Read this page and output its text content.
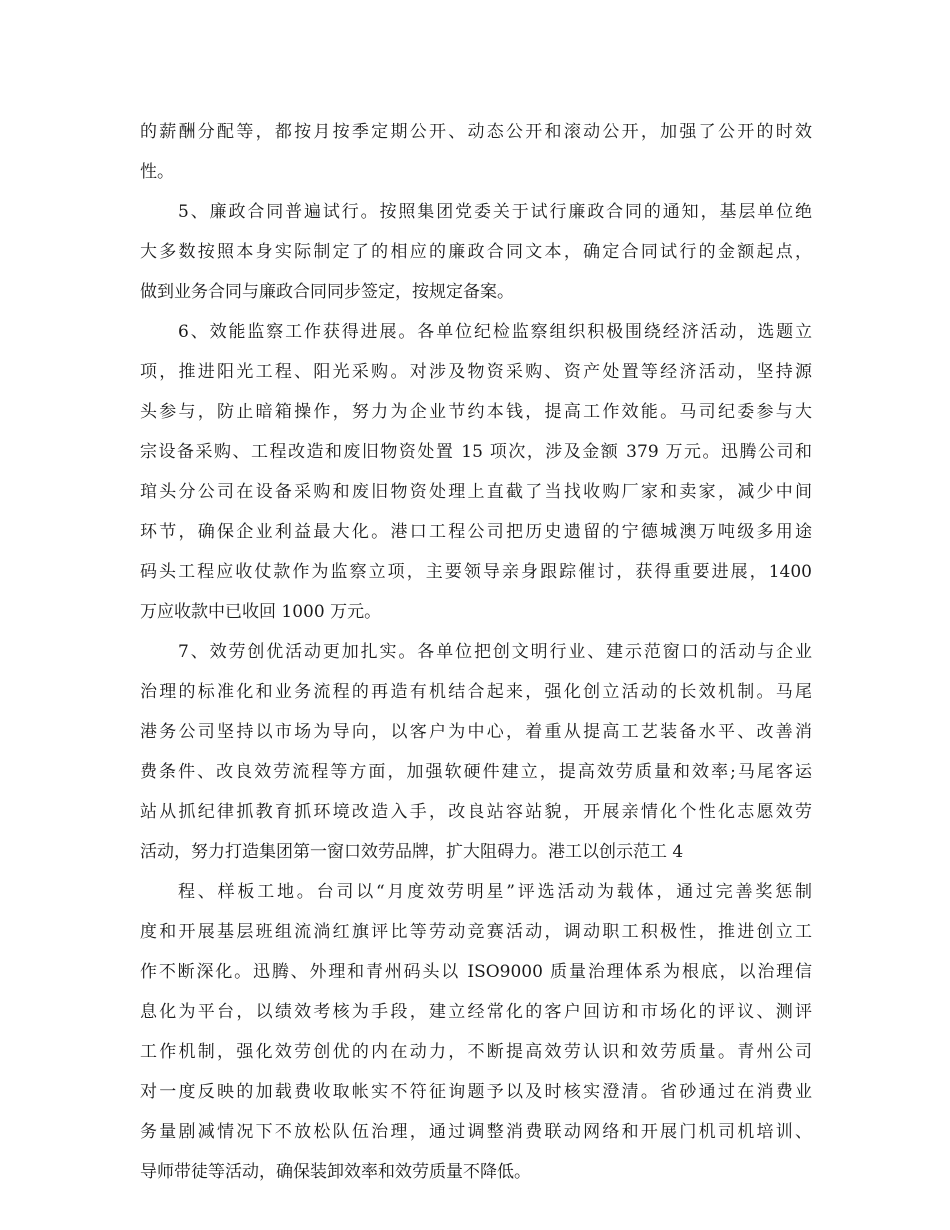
的薪酬分配等，都按月按季定期公开、动态公开和滚动公开，加强了公开的时效
性。
5、廉政合同普遍试行。按照集团党委关于试行廉政合同的通知，基层单位绝
大多数按照本身实际制定了的相应的廉政合同文本，确定合同试行的金额起点，
做到业务合同与廉政合同同步签定，按规定备案。
6、效能监察工作获得进展。各单位纪检监察组织积极围绕经济活动，选题立
项，推进阳光工程、阳光采购。对涉及物资采购、资产处置等经济活动，坚持源
头参与，防止暗箱操作，努力为企业节约本钱，提高工作效能。马司纪委参与大
宗设备采购、工程改造和废旧物资处置 15 项次，涉及金额 379 万元。迅腾公司和
琯头分公司在设备采购和废旧物资处理上直截了当找收购厂家和卖家，减少中间
环节，确保企业利益最大化。港口工程公司把历史遗留的宁德城澳万吨级多用途
码头工程应收仗款作为监察立项，主要领导亲身跟踪催讨，获得重要进展，1400
万应收款中已收回 1000 万元。
7、效劳创优活动更加扎实。各单位把创文明行业、建示范窗口的活动与企业
治理的标准化和业务流程的再造有机结合起来，强化创立活动的长效机制。马尾
港务公司坚持以市场为导向，以客户为中心，着重从提高工艺装备水平、改善消
费条件、改良效劳流程等方面，加强软硬件建立，提高效劳质量和效率;马尾客运
站从抓纪律抓教育抓环境改造入手，改良站容站貌，开展亲情化个性化志愿效劳
活动，努力打造集团第一窗口效劳品牌，扩大阻碍力。港工以创示范工 4
程、样板工地。台司以“月度效劳明星”评选活动为载体，通过完善奖惩制
度和开展基层班组流淌红旗评比等劳动竞赛活动，调动职工积极性，推进创立工
作不断深化。迅腾、外理和青州码头以 ISO9000 质量治理体系为根底，以治理信
息化为平台，以绩效考核为手段，建立经常化的客户回访和市场化的评议、测评
工作机制，强化效劳创优的内在动力，不断提高效劳认识和效劳质量。青州公司
对一度反映的加载费收取帐实不符征询题予以及时核实澄清。省砂通过在消费业
务量剧减情况下不放松队伍治理，通过调整消费联动网络和开展门机司机培训、
导师带徒等活动，确保装卸效率和效劳质量不降低。
